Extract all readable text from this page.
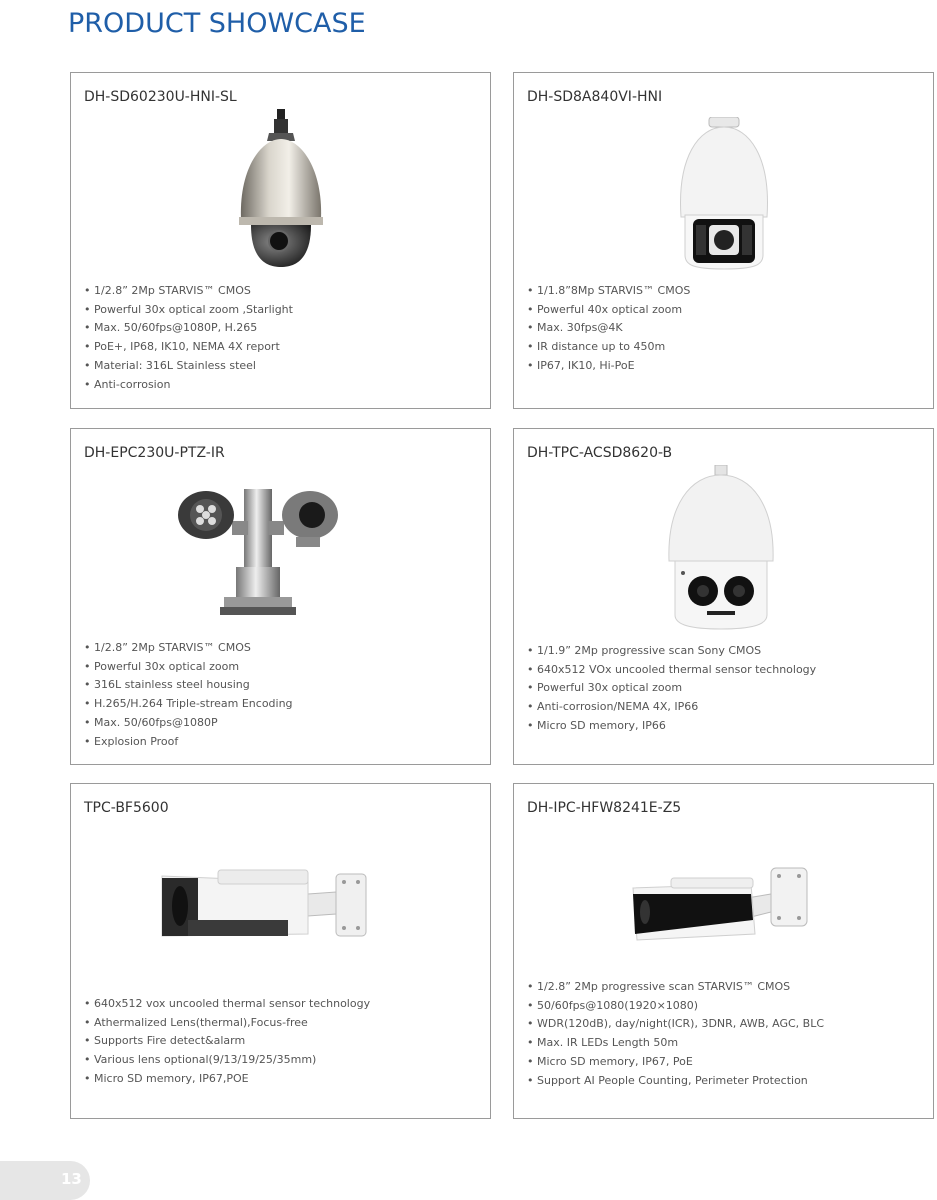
PRODUCT SHOWCASE
DH-SD60230U-HNI-SL
• 1/2.8” 2Mp STARVIS™ CMOS
• Powerful 30x optical zoom ,Starlight
• Max. 50/60fps@1080P, H.265
• PoE+, IP68, IK10, NEMA 4X report
• Material: 316L Stainless steel
• Anti-corrosion
DH-SD8A840VI-HNI
• 1/1.8”8Mp STARVIS™ CMOS
• Powerful 40x optical zoom
• Max. 30fps@4K
• IR distance up to 450m
• IP67, IK10, Hi-PoE
DH-EPC230U-PTZ-IR
• 1/2.8” 2Mp STARVIS™ CMOS
• Powerful 30x optical zoom
• 316L stainless steel housing
• H.265/H.264 Triple-stream Encoding
• Max. 50/60fps@1080P
• Explosion Proof
DH-TPC-ACSD8620-B
• 1/1.9” 2Mp progressive scan Sony CMOS
• 640x512 VOx uncooled thermal sensor technology
• Powerful 30x optical zoom
• Anti-corrosion/NEMA 4X, IP66
• Micro SD memory, IP66
TPC-BF5600
• 640x512 vox uncooled thermal sensor technology
• Athermalized Lens(thermal),Focus-free
• Supports Fire detect&alarm
• Various lens optional(9/13/19/25/35mm)
• Micro SD memory, IP67,POE
DH-IPC-HFW8241E-Z5
• 1/2.8” 2Mp progressive scan STARVIS™ CMOS
• 50/60fps@1080(1920×1080)
• WDR(120dB), day/night(ICR), 3DNR, AWB, AGC, BLC
• Max. IR LEDs Length 50m
• Micro SD memory, IP67, PoE
• Support AI People Counting, Perimeter Protection
13
